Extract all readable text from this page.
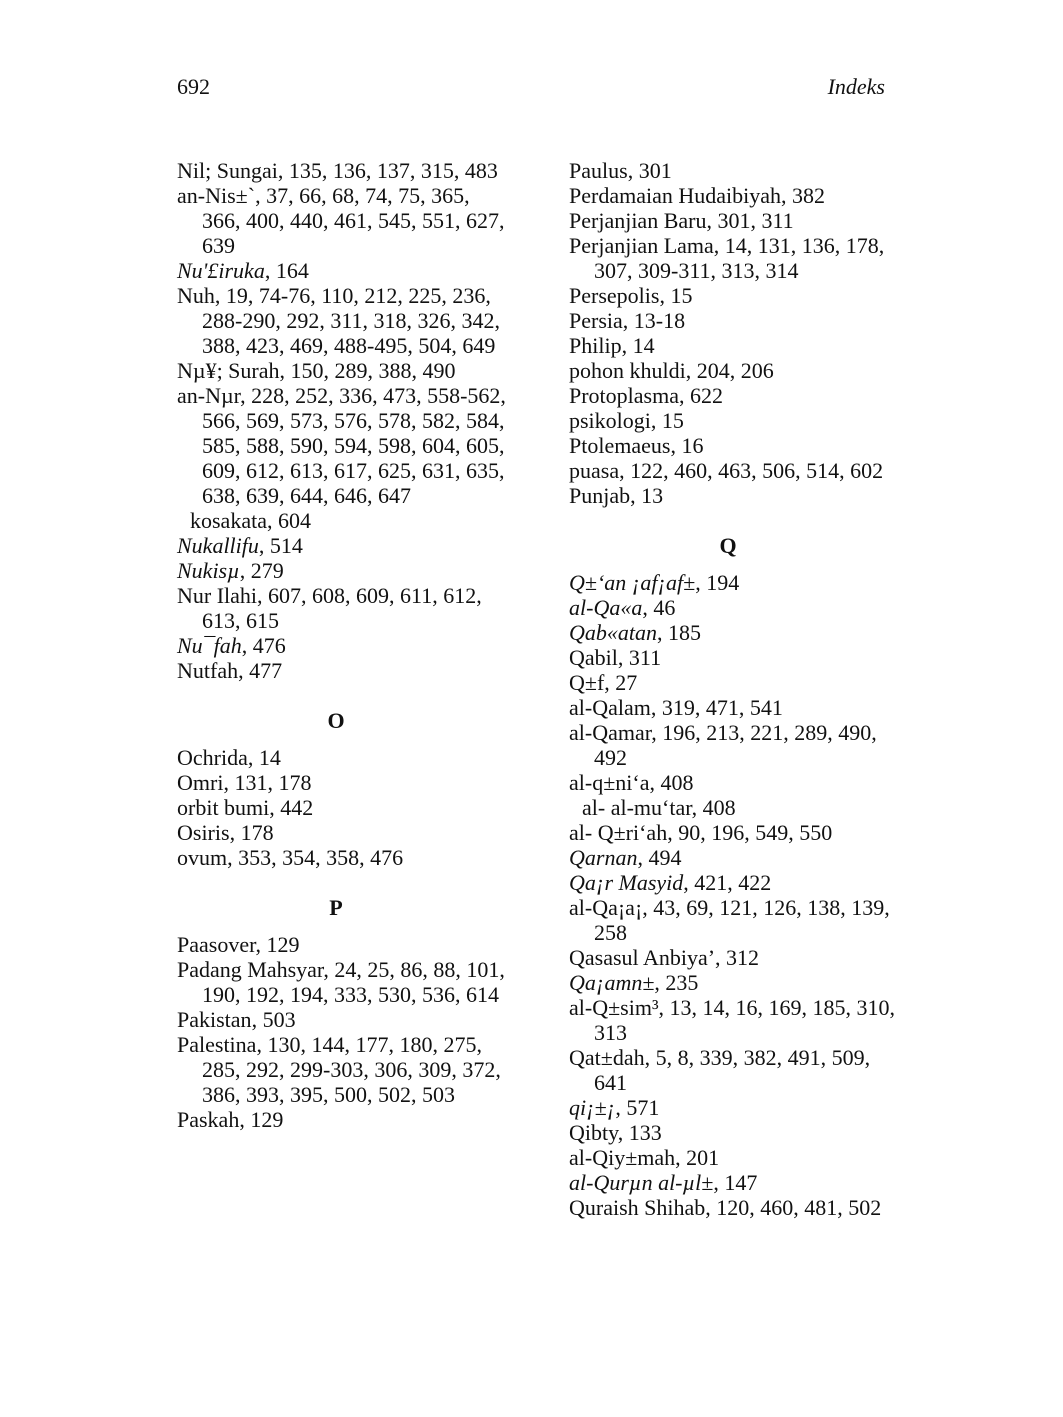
692	Indeks
Nil; Sungai, 135, 136, 137, 315, 483
an-Nis±`, 37, 66, 68, 74, 75, 365, 366, 400, 440, 461, 545, 551, 627, 639
Nu'£iruka, 164
Nuh, 19, 74-76, 110, 212, 225, 236, 288-290, 292, 311, 318, 326, 342, 388, 423, 469, 488-495, 504, 649
Nµ¥; Surah, 150, 289, 388, 490
an-Nµr, 228, 252, 336, 473, 558-562, 566, 569, 573, 576, 578, 582, 584, 585, 588, 590, 594, 598, 604, 605, 609, 612, 613, 617, 625, 631, 635, 638, 639, 644, 646, 647
kosakata, 604
Nukallifu, 514
Nukisµ, 279
Nur Ilahi, 607, 608, 609, 611, 612, 613, 615
Nu¯fah, 476
Nutfah, 477
O
Ochrida, 14
Omri, 131, 178
orbit bumi, 442
Osiris, 178
ovum, 353, 354, 358, 476
P
Paasover, 129
Padang Mahsyar, 24, 25, 86, 88, 101, 190, 192, 194, 333, 530, 536, 614
Pakistan, 503
Palestina, 130, 144, 177, 180, 275, 285, 292, 299-303, 306, 309, 372, 386, 393, 395, 500, 502, 503
Paskah, 129
Paulus, 301
Perdamaian Hudaibiyah, 382
Perjanjian Baru, 301, 311
Perjanjian Lama, 14, 131, 136, 178, 307, 309-311, 313, 314
Persepolis, 15
Persia, 13-18
Philip, 14
pohon khuldi, 204, 206
Protoplasma, 622
psikologi, 15
Ptolemaeus, 16
puasa, 122, 460, 463, 506, 514, 602
Punjab, 13
Q
Q±‘an ¡af¡af±, 194
al-Qa«a, 46
Qab«atan, 185
Qabil, 311
Q±f, 27
al-Qalam, 319, 471, 541
al-Qamar, 196, 213, 221, 289, 490, 492
al-q±ni‘a, 408
al- al-mu‘tar, 408
al- Q±ri‘ah, 90, 196, 549, 550
Qarnan, 494
Qa¡r Masyid, 421, 422
al-Qa¡a¡, 43, 69, 121, 126, 138, 139, 258
Qasasul Anbiya’, 312
Qa¡amn±, 235
al-Q±sim³, 13, 14, 16, 169, 185, 310, 313
Qat±dah, 5, 8, 339, 382, 491, 509, 641
qi¡±¡, 571
Qibty, 133
al-Qiy±mah, 201
al-Qurµn al-µl±, 147
Quraish Shihab, 120, 460, 481, 502
